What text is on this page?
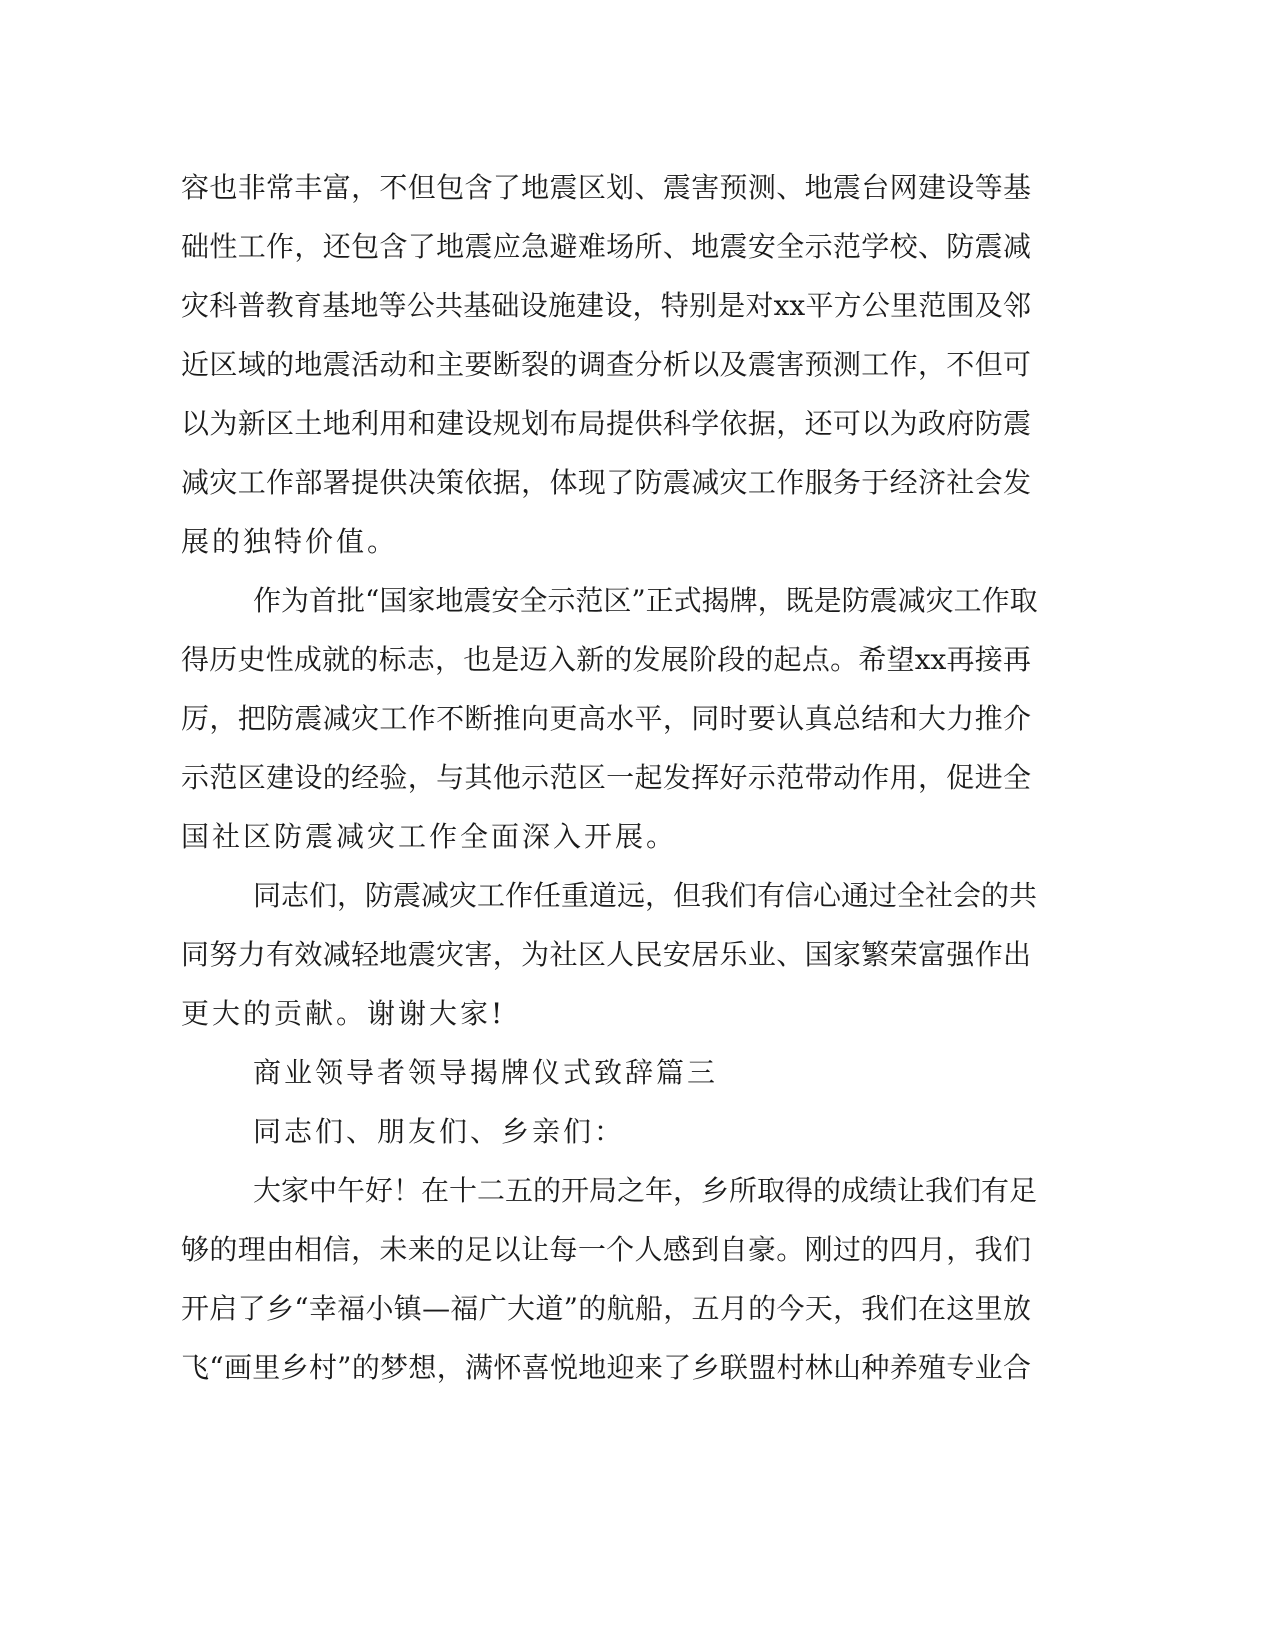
容也非常丰富，不但包含了地震区划、震害预测、地震台网建设等基
础性工作，还包含了地震应急避难场所、地震安全示范学校、防震减
灾科普教育基地等公共基础设施建设，特别是对xx平方公里范围及邻
近区域的地震活动和主要断裂的调查分析以及震害预测工作，不但可
以为新区土地利用和建设规划布局提供科学依据，还可以为政府防震
减灾工作部署提供决策依据，体现了防震减灾工作服务于经济社会发
展的独特价值。
作为首批“国家地震安全示范区”正式揭牌，既是防震减灾工作取
得历史性成就的标志，也是迈入新的发展阶段的起点。希望xx再接再
厉，把防震减灾工作不断推向更高水平，同时要认真总结和大力推介
示范区建设的经验，与其他示范区一起发挥好示范带动作用，促进全
国社区防震减灾工作全面深入开展。
同志们，防震减灾工作任重道远，但我们有信心通过全社会的共
同努力有效减轻地震灾害，为社区人民安居乐业、国家繁荣富强作出
更大的贡献。谢谢大家!
商业领导者领导揭牌仪式致辞篇三
同志们、朋友们、乡亲们：
大家中午好！在十二五的开局之年，乡所取得的成绩让我们有足
够的理由相信，未来的足以让每一个人感到自豪。刚过的四月，我们
开启了乡“幸福小镇—福广大道”的航船，五月的今天，我们在这里放
飞“画里乡村”的梦想，满怀喜悦地迎来了乡联盟村林山种养殖专业合
